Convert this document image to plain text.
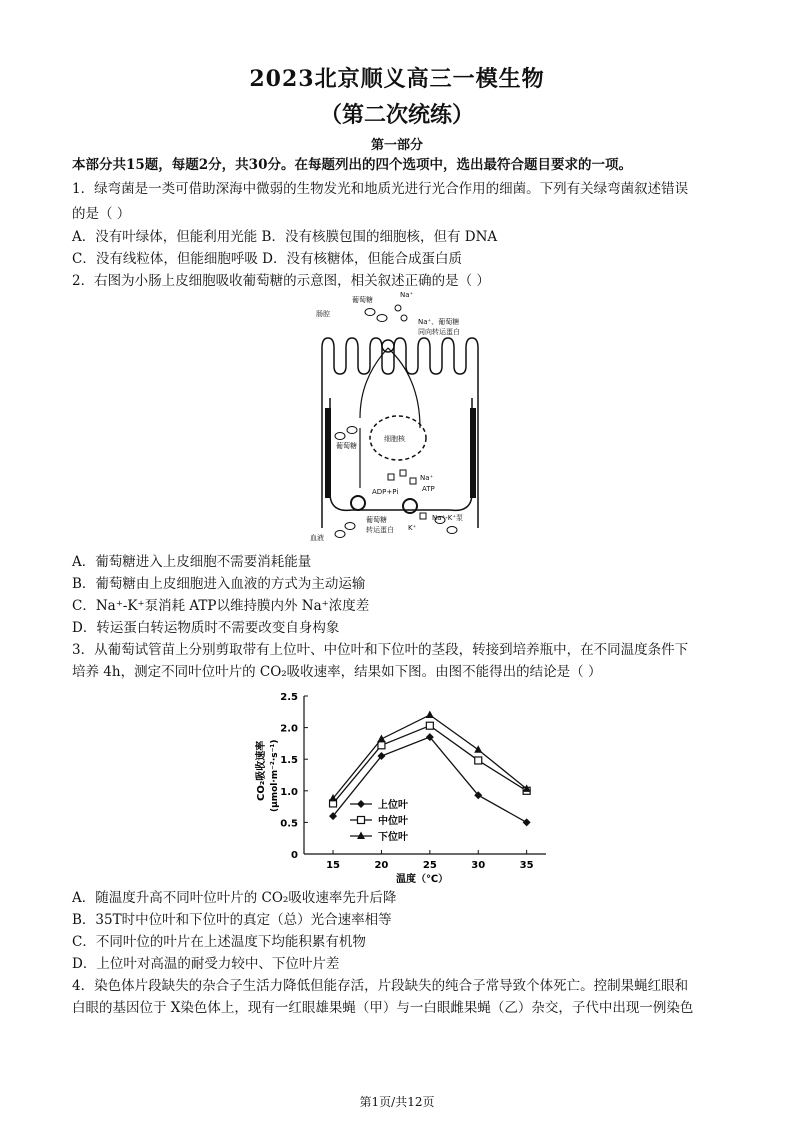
2023北京顺义高三一模生物
（第二次统练）
第一部分
本部分共15题，每题2分，共30分。在每题列出的四个选项中，选出最符合题目要求的一项。
1．绿弯菌是一类可借助深海中微弱的生物发光和地质光进行光合作用的细菌。下列有关绿弯菌叙述错误
的是（ ）
A．没有叶绿体，但能利用光能 B．没有核膜包围的细胞核，但有 DNA
C．没有线粒体，但能细胞呼吸 D．没有核糖体，但能合成蛋白质
2．右图为小肠上皮细胞吸收葡萄糖的示意图，相关叙述正确的是（ ）
肠腔
葡萄糖
Na⁺
Na⁺、葡萄糖
同向转运蛋白
细胞核
葡萄糖
Na⁺
ADP+Pi	ATP
Na⁺-K⁺泵
K⁺
葡萄糖
转运蛋白
血液
A．葡萄糖进入上皮细胞不需要消耗能量
B．葡萄糖由上皮细胞进入血液的方式为主动运输
C．Na⁺-K⁺泵消耗 ATP以维持膜内外 Na⁺浓度差
D．转运蛋白转运物质时不需要改变自身构象
3．从葡萄试管苗上分别剪取带有上位叶、中位叶和下位叶的茎段，转接到培养瓶中，在不同温度条件下
培养 4h，测定不同叶位叶片的 CO₂吸收速率，结果如下图。由图不能得出的结论是（ ）
0
0.5
1.0
1.5
2.0
2.5
15	20	25	30	35
上位叶
中位叶
下位叶
CO₂吸收速率 (μmol·m⁻²·s⁻¹)
温度（℃）
A．随温度升高不同叶位叶片的 CO₂吸收速率先升后降
B．35T时中位叶和下位叶的真定（总）光合速率相等
C．不同叶位的叶片在上述温度下均能积累有机物
D．上位叶对高温的耐受力较中、下位叶片差
4．染色体片段缺失的杂合子生活力降低但能存活，片段缺失的纯合子常导致个体死亡。控制果蝇红眼和
白眼的基因位于 X染色体上，现有一红眼雄果蝇（甲）与一白眼雌果蝇（乙）杂交，子代中出现一例染色
第1页/共12页
